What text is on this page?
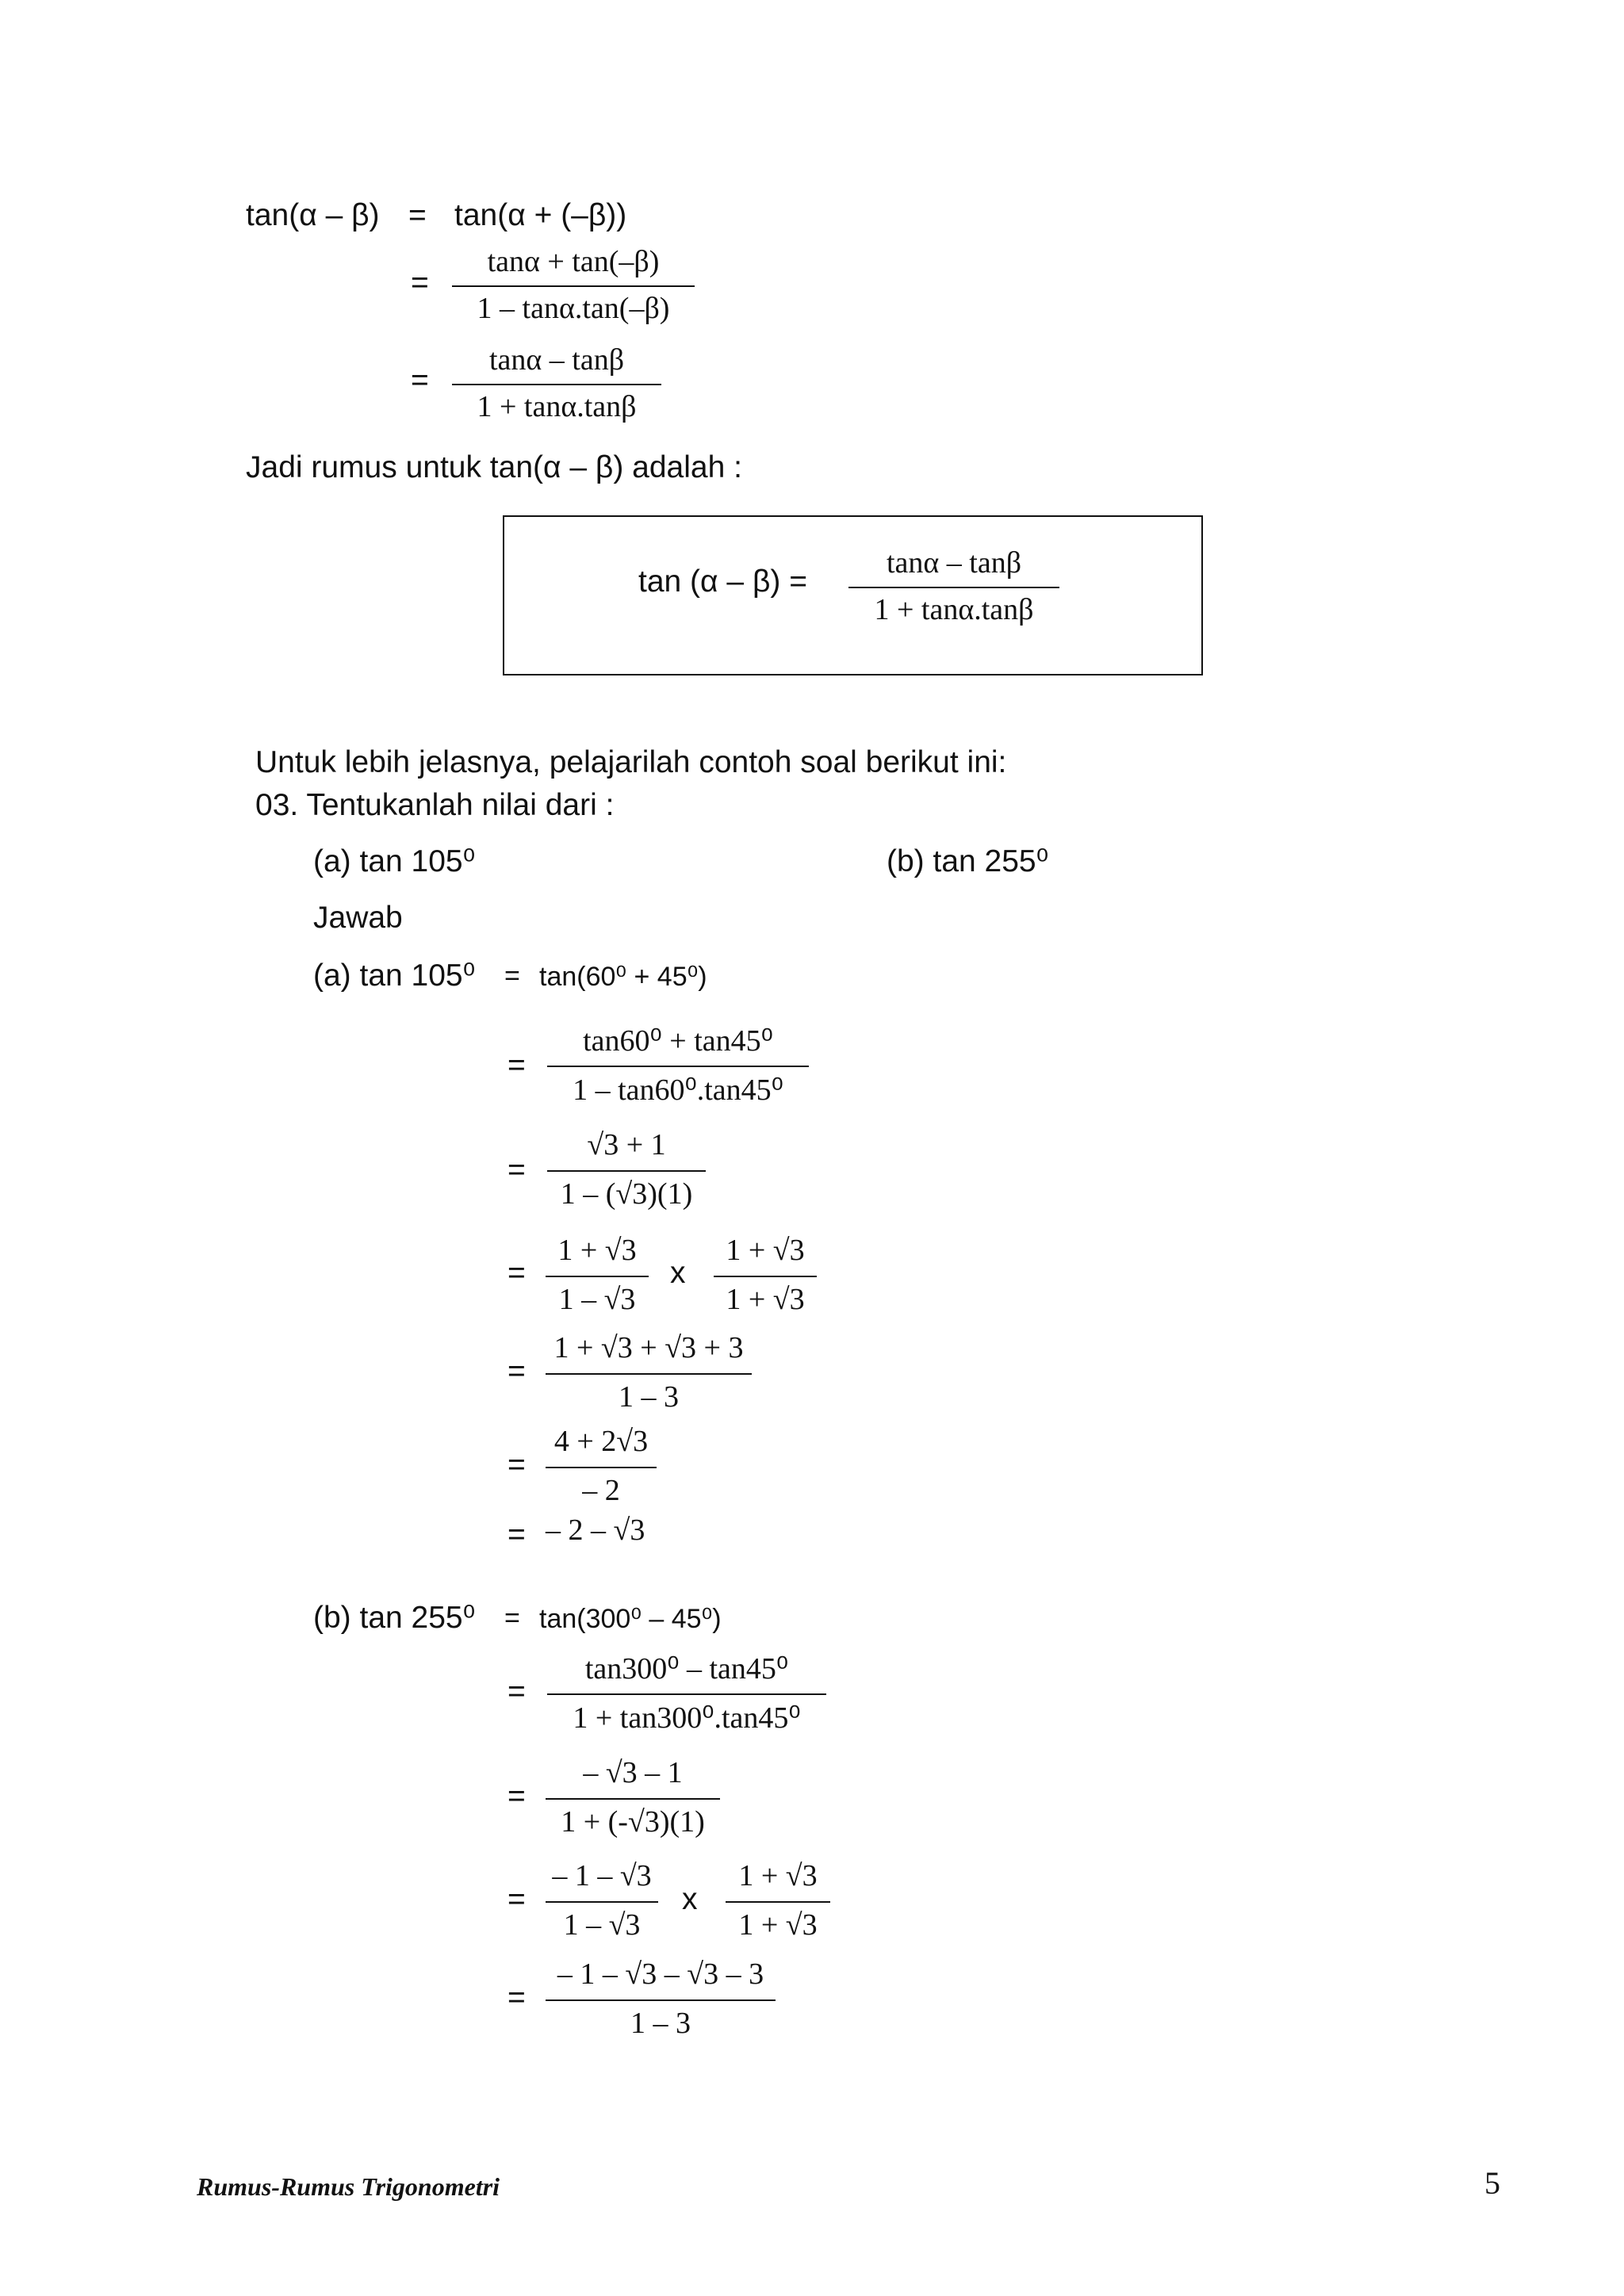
tan(α – β) = tan(α + (–β))
=
tanα + tan(–β)
1 – tanα.tan(–β)
=
tanα – tanβ
1 + tanα.tanβ
Jadi rumus untuk tan(α – β) adalah :
tan (α – β) =
tanα – tanβ
1 + tanα.tanβ
Untuk lebih jelasnya, pelajarilah contoh soal berikut ini:
03. Tentukanlah nilai dari :
(a) tan 105⁰	(b) tan 255⁰
Jawab
(a) tan 105⁰ = tan(60⁰ + 45⁰)
=
tan60⁰ + tan45⁰
1 – tan60⁰.tan45⁰
=
√3 + 1
1 – (√3)(1)
=
1 + √3
1 – √3
x
1 + √3
1 + √3
=
1 + √3 + √3 + 3
1 – 3
=
4 + 2√3
– 2
= – 2 – √3
(b) tan 255⁰ = tan(300⁰ – 45⁰)
=
tan300⁰ – tan45⁰
1 + tan300⁰.tan45⁰
=
– √3 – 1
1 + (-√3)(1)
=
– 1 – √3
1 – √3
x
1 + √3
1 + √3
=
– 1 – √3 – √3 – 3
1 – 3
Rumus-Rumus Trigonometri	5
